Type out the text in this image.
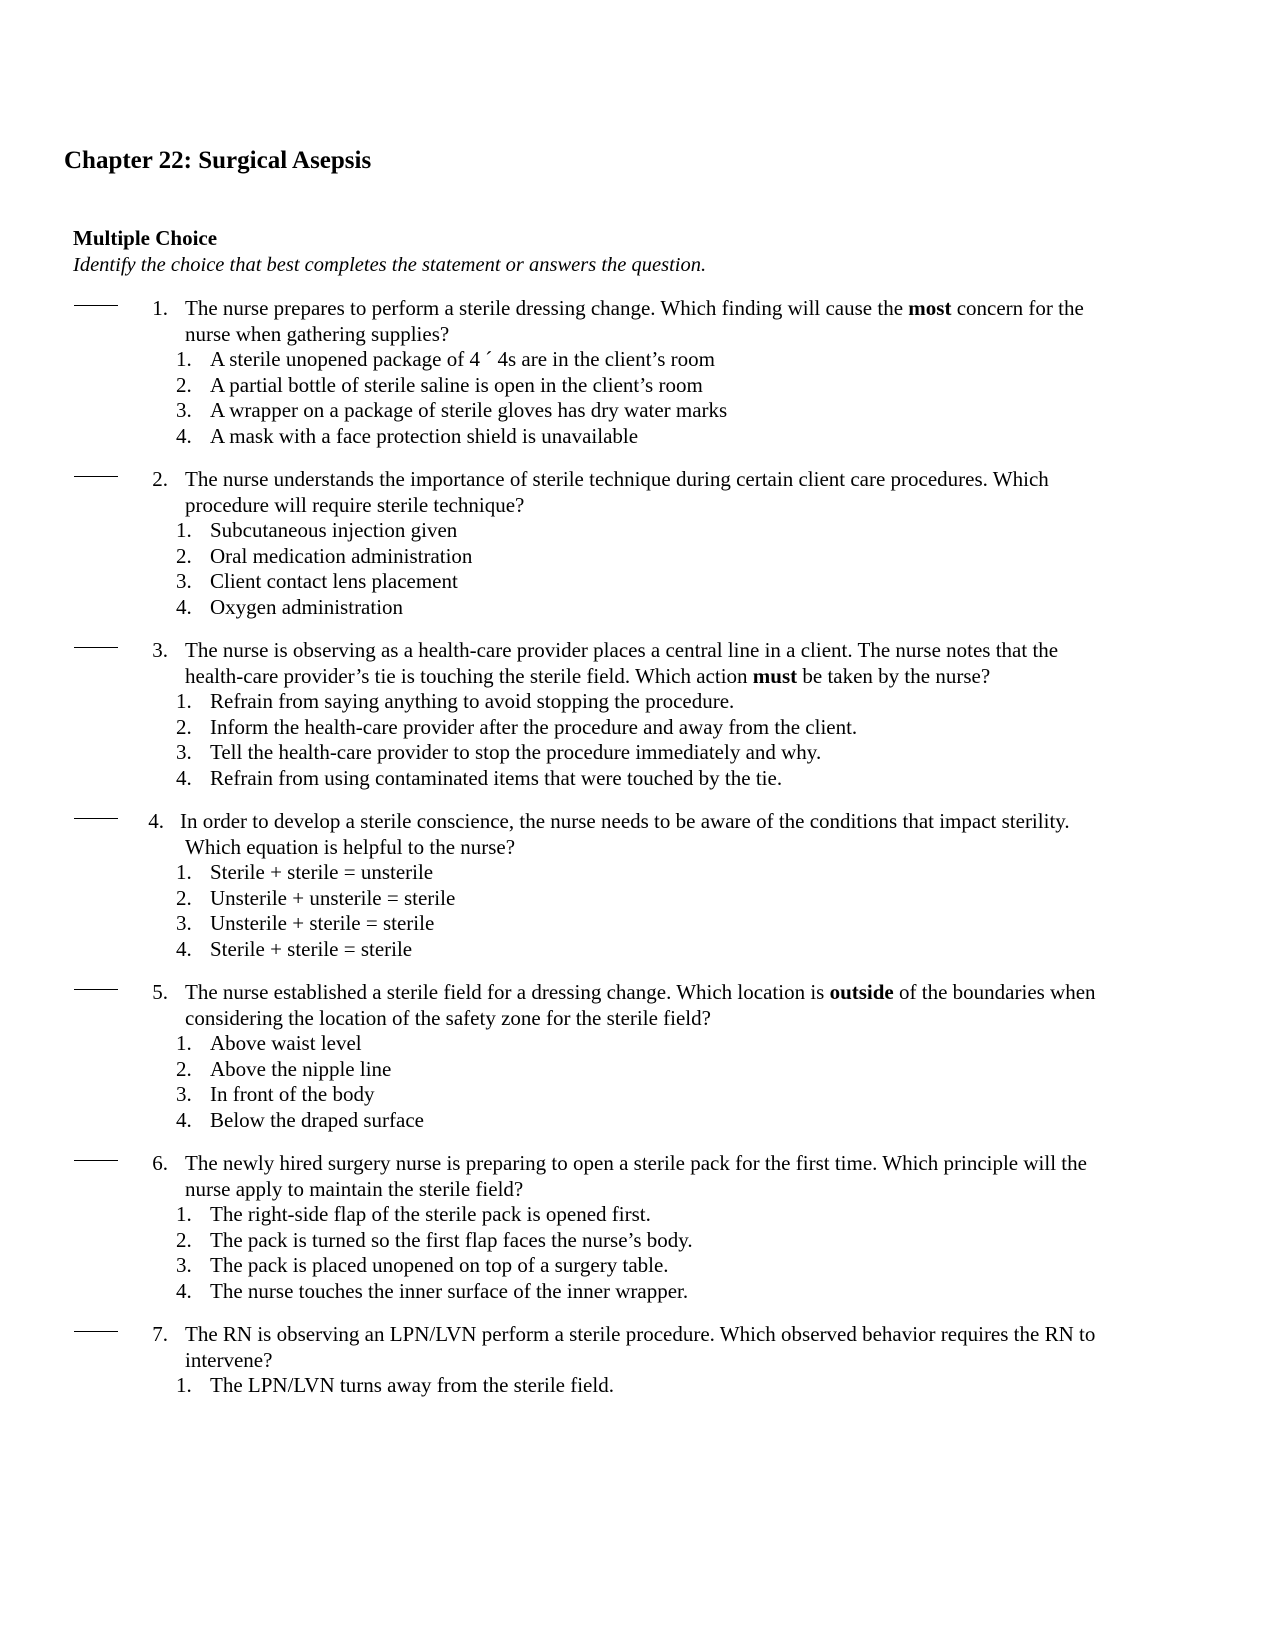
Chapter 22: Surgical Asepsis
Multiple Choice
Identify the choice that best completes the statement or answers the question.
1. The nurse prepares to perform a sterile dressing change. Which finding will cause the most concern for the
nurse when gathering supplies?
1. A sterile unopened package of 4 ´ 4s are in the client’s room
2. A partial bottle of sterile saline is open in the client’s room
3. A wrapper on a package of sterile gloves has dry water marks
4. A mask with a face protection shield is unavailable
2. The nurse understands the importance of sterile technique during certain client care procedures. Which
procedure will require sterile technique?
1. Subcutaneous injection given
2. Oral medication administration
3. Client contact lens placement
4. Oxygen administration
3. The nurse is observing as a health-care provider places a central line in a client. The nurse notes that the
health-care provider’s tie is touching the sterile field. Which action must be taken by the nurse?
1. Refrain from saying anything to avoid stopping the procedure.
2. Inform the health-care provider after the procedure and away from the client.
3. Tell the health-care provider to stop the procedure immediately and why.
4. Refrain from using contaminated items that were touched by the tie.
4. In order to develop a sterile conscience, the nurse needs to be aware of the conditions that impact sterility.
Which equation is helpful to the nurse?
1. Sterile + sterile = unsterile
2. Unsterile + unsterile = sterile
3. Unsterile + sterile = sterile
4. Sterile + sterile = sterile
5. The nurse established a sterile field for a dressing change. Which location is outside of the boundaries when
considering the location of the safety zone for the sterile field?
1. Above waist level
2. Above the nipple line
3. In front of the body
4. Below the draped surface
6. The newly hired surgery nurse is preparing to open a sterile pack for the first time. Which principle will the
nurse apply to maintain the sterile field?
1. The right-side flap of the sterile pack is opened first.
2. The pack is turned so the first flap faces the nurse’s body.
3. The pack is placed unopened on top of a surgery table.
4. The nurse touches the inner surface of the inner wrapper.
7. The RN is observing an LPN/LVN perform a sterile procedure. Which observed behavior requires the RN to
intervene?
1. The LPN/LVN turns away from the sterile field.
